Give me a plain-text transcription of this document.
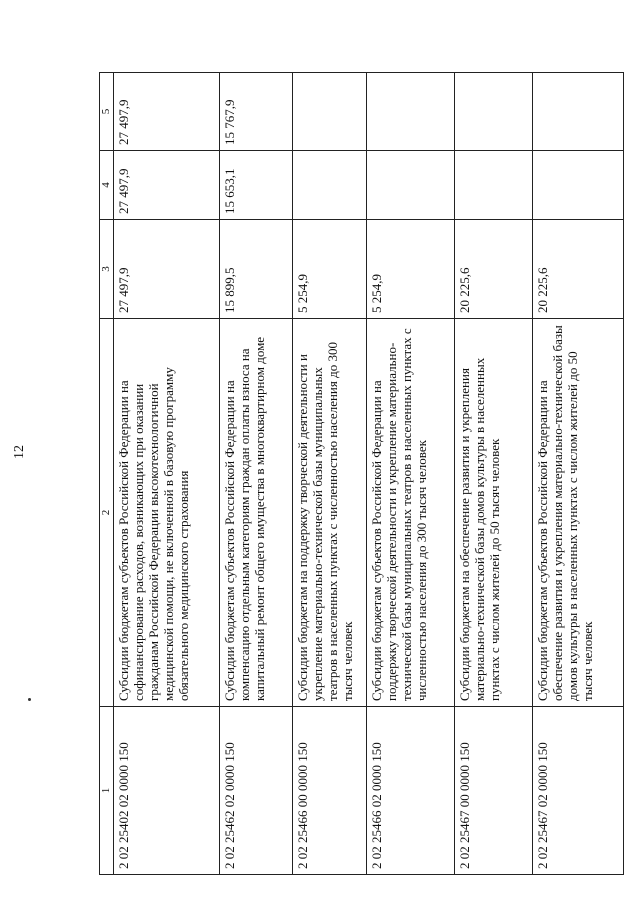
12
1	2	3	4	5
2 02 25402 02 0000 150	Субсидии бюджетам субъектов Российской Федерации на софинансирование расходов, возникающих при оказании гражданам Российской Федерации высокотехнологичной медицинской помощи, не включенной в базовую программу обязательного медицинского страхования	27 497,9	27 497,9	27 497,9
2 02 25462 02 0000 150	Субсидии бюджетам субъектов Российской Федерации на компенсацию отдельным категориям граждан оплаты взноса на капитальный ремонт общего имущества в многоквартирном доме	15 899,5	15 653,1	15 767,9
2 02 25466 00 0000 150	Субсидии бюджетам на поддержку творческой деятельности и укрепление материально-технической базы муниципальных театров в населенных пунктах с численностью населения до 300 тысяч человек	5 254,9		
2 02 25466 02 0000 150	Субсидии бюджетам субъектов Российской Федерации на поддержку творческой деятельности и укрепление материально-технической базы муниципальных театров в населенных пунктах с численностью населения до 300 тысяч человек	5 254,9		
2 02 25467 00 0000 150	Субсидии бюджетам на обеспечение развития и укрепления материально-технической базы домов культуры в населенных пунктах с числом жителей до 50 тысяч человек	20 225,6		
2 02 25467 02 0000 150	Субсидии бюджетам субъектов Российской Федерации на обеспечение развития и укрепления материально-технической базы домов культуры в населенных пунктах с числом жителей до 50 тысяч человек	20 225,6		
